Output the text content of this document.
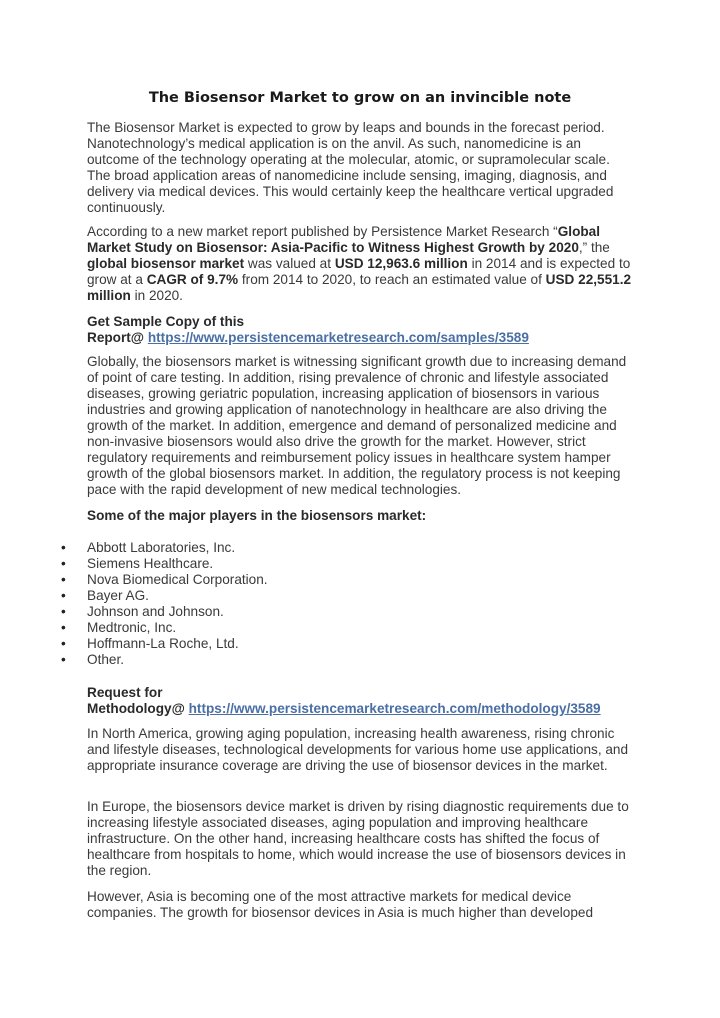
The Biosensor Market to grow on an invincible note

The Biosensor Market is expected to grow by leaps and bounds in the forecast period. Nanotechnology’s medical application is on the anvil. As such, nanomedicine is an outcome of the technology operating at the molecular, atomic, or supramolecular scale. The broad application areas of nanomedicine include sensing, imaging, diagnosis, and delivery via medical devices. This would certainly keep the healthcare vertical upgraded continuously.

According to a new market report published by Persistence Market Research “Global Market Study on Biosensor: Asia-Pacific to Witness Highest Growth by 2020,” the global biosensor market was valued at USD 12,963.6 million in 2014 and is expected to grow at a CAGR of 9.7% from 2014 to 2020, to reach an estimated value of USD 22,551.2 million in 2020.

Get Sample Copy of this
Report@ https://www.persistencemarketresearch.com/samples/3589

Globally, the biosensors market is witnessing significant growth due to increasing demand of point of care testing. In addition, rising prevalence of chronic and lifestyle associated diseases, growing geriatric population, increasing application of biosensors in various industries and growing application of nanotechnology in healthcare are also driving the growth of the market. In addition, emergence and demand of personalized medicine and non-invasive biosensors would also drive the growth for the market. However, strict regulatory requirements and reimbursement policy issues in healthcare system hamper growth of the global biosensors market. In addition, the regulatory process is not keeping pace with the rapid development of new medical technologies.

Some of the major players in the biosensors market:

• Abbott Laboratories, Inc.
• Siemens Healthcare.
• Nova Biomedical Corporation.
• Bayer AG.
• Johnson and Johnson.
• Medtronic, Inc.
• Hoffmann-La Roche, Ltd.
• Other.

Request for
Methodology@ https://www.persistencemarketresearch.com/methodology/3589

In North America, growing aging population, increasing health awareness, rising chronic and lifestyle diseases, technological developments for various home use applications, and appropriate insurance coverage are driving the use of biosensor devices in the market.

In Europe, the biosensors device market is driven by rising diagnostic requirements due to increasing lifestyle associated diseases, aging population and improving healthcare infrastructure. On the other hand, increasing healthcare costs has shifted the focus of healthcare from hospitals to home, which would increase the use of biosensors devices in the region.

However, Asia is becoming one of the most attractive markets for medical device companies. The growth for biosensor devices in Asia is much higher than developed
